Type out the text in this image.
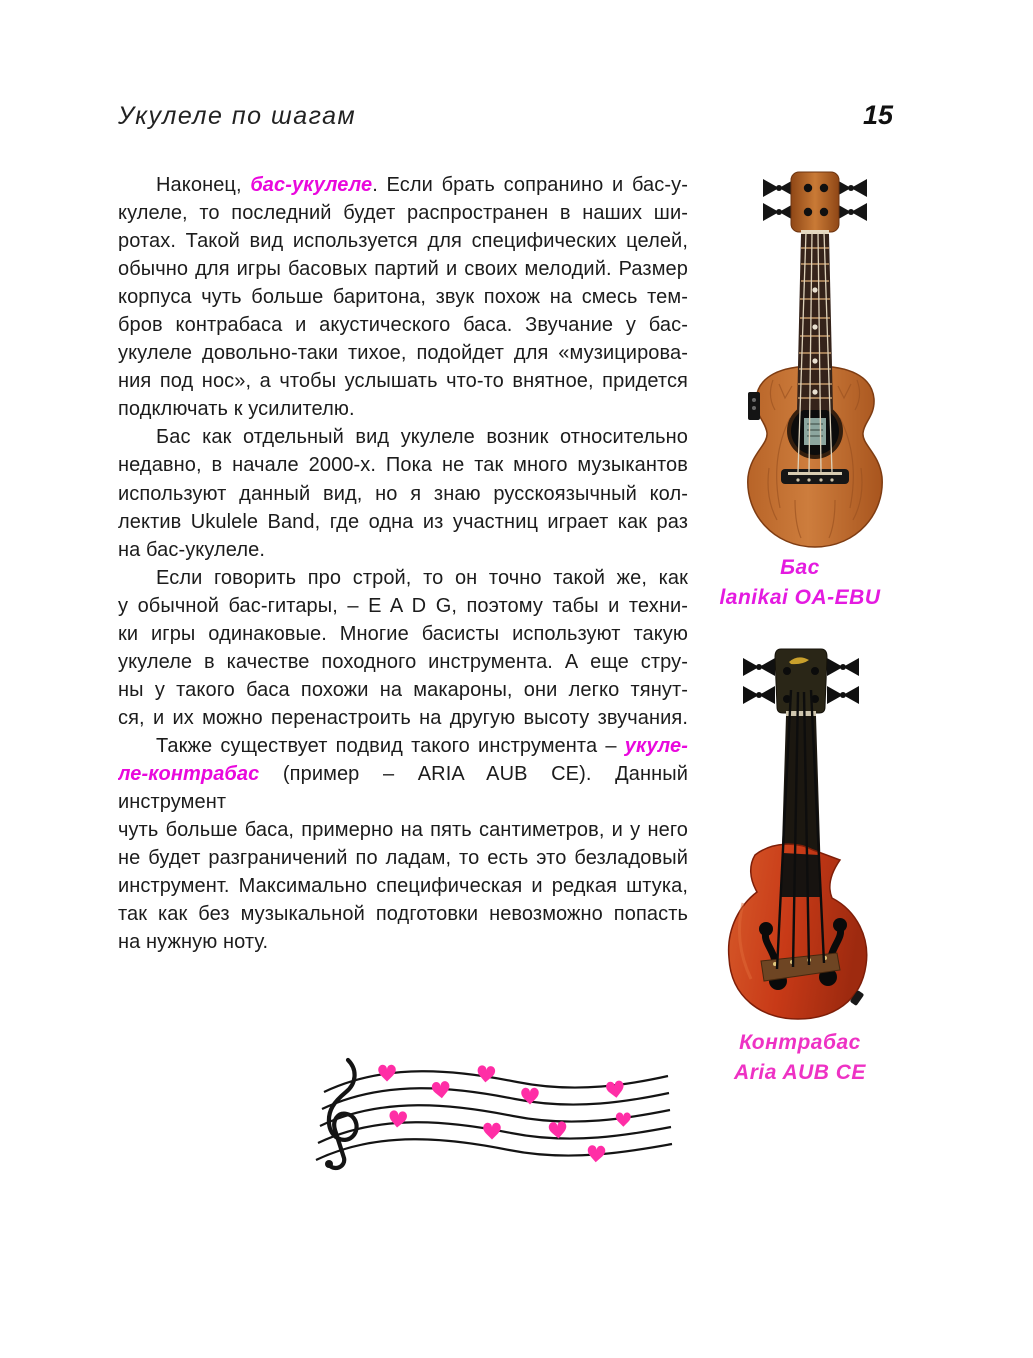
Укулеле по шагам	15
Наконец, бас-укулеле. Если брать сопранино и бас-у-
кулеле, то последний будет распространен в наших ши-
ротах. Такой вид используется для специфических целей,
обычно для игры басовых партий и своих мелодий. Размер
корпуса чуть больше баритона, звук похож на смесь тем-
бров контрабаса и акустического баса. Звучание у бас-
укулеле довольно-таки тихое, подойдет для «музицирова-
ния под нос», а чтобы услышать что-то внятное, придется
подключать к усилителю.
Бас как отдельный вид укулеле возник относительно
недавно, в начале 2000-х. Пока не так много музыкантов
используют данный вид, но я знаю русскоязычный кол-
лектив Ukulele Band, где одна из участниц играет как раз
на бас-укулеле.
Если говорить про строй, то он точно такой же, как
у обычной бас-гитары, – E A D G, поэтому табы и техни-
ки игры одинаковые. Многие басисты используют такую
укулеле в качестве походного инструмента. А еще стру-
ны у такого баса похожи на макароны, они легко тянут-
ся, и их можно перенастроить на другую высоту звучания.
Также существует подвид такого инструмента – укуле-
ле-контрабас (пример – ARIA AUB CE). Данный инструмент
чуть больше баса, примерно на пять сантиметров, и у него
не будет разграничений по ладам, то есть это безладовый
инструмент. Максимально специфическая и редкая штука,
так как без музыкальной подготовки невозможно попасть
на нужную ноту.
Бас
lanikai OA-EBU
Контрабас
Aria AUB CE
